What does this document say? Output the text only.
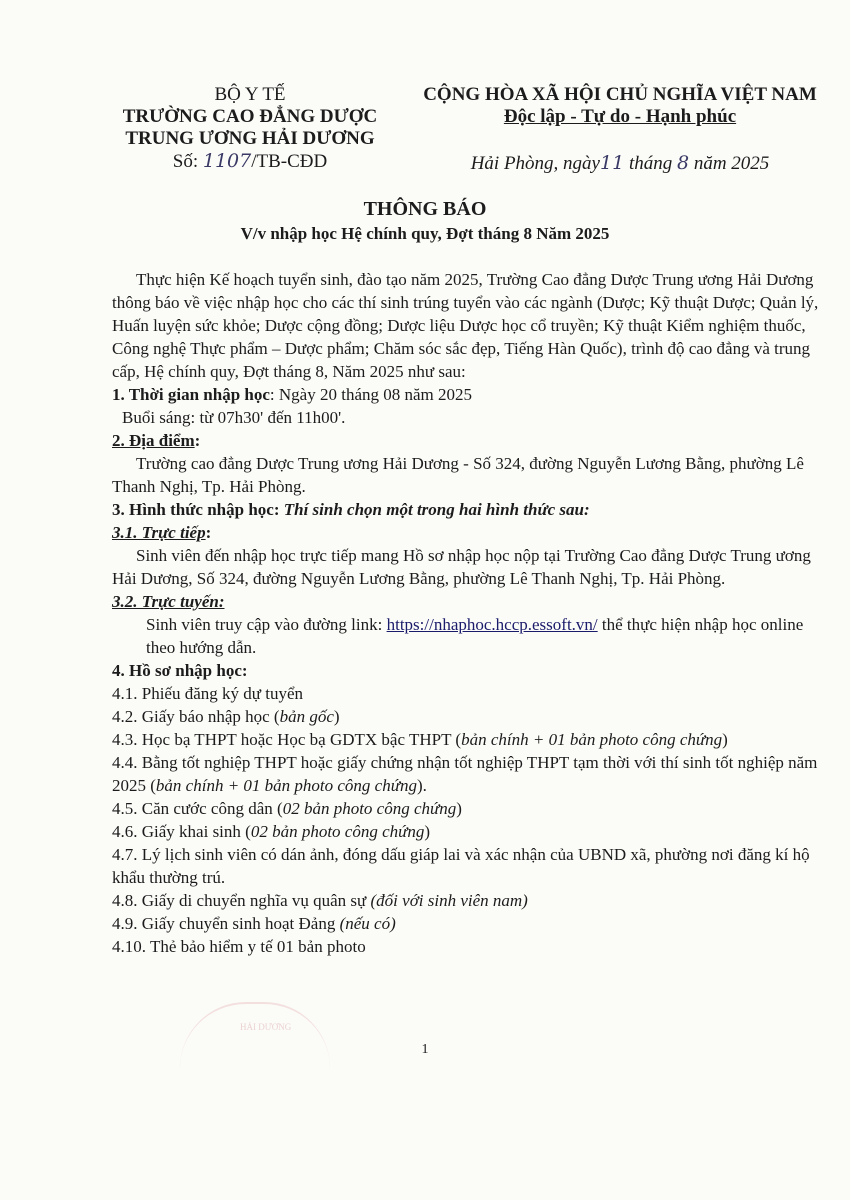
BỘ Y TẾ
TRƯỜNG CAO ĐẲNG DƯỢC
TRUNG ƯƠNG HẢI DƯƠNG
Số: 1107/TB-CĐD
CỘNG HÒA XÃ HỘI CHỦ NGHĨA VIỆT NAM
Độc lập - Tự do - Hạnh phúc
Hải Phòng, ngày11 tháng 8 năm 2025
THÔNG BÁO
V/v nhập học Hệ chính quy, Đợt tháng 8 Năm 2025

Thực hiện Kế hoạch tuyển sinh, đào tạo năm 2025, Trường Cao đẳng Dược Trung ương Hải Dương thông báo về việc nhập học cho các thí sinh trúng tuyển vào các ngành (Dược; Kỹ thuật Dược; Quản lý, Huấn luyện sức khỏe; Dược cộng đồng; Dược liệu Dược học cổ truyền; Kỹ thuật Kiểm nghiệm thuốc, Công nghệ Thực phẩm – Dược phẩm; Chăm sóc sắc đẹp, Tiếng Hàn Quốc), trình độ cao đẳng và trung cấp, Hệ chính quy, Đợt tháng 8, Năm 2025 như sau:

1. Thời gian nhập học: Ngày 20 tháng 08 năm 2025

Buổi sáng: từ 07h30' đến 11h00'.

2. Địa điểm:

Trường cao đẳng Dược Trung ương Hải Dương - Số 324, đường Nguyễn Lương Bằng, phường Lê Thanh Nghị, Tp. Hải Phòng.

3. Hình thức nhập học: Thí sinh chọn một trong hai hình thức sau:

3.1. Trực tiếp:

Sinh viên đến nhập học trực tiếp mang Hồ sơ nhập học nộp tại Trường Cao đẳng Dược Trung ương Hải Dương, Số 324, đường Nguyễn Lương Bằng, phường Lê Thanh Nghị, Tp. Hải Phòng.

3.2. Trực tuyến:

Sinh viên truy cập vào đường link: https://nhaphoc.hccp.essoft.vn/ thể thực hiện nhập học online theo hướng dẫn.

4. Hồ sơ nhập học:

4.1. Phiếu đăng ký dự tuyển

4.2. Giấy báo nhập học (bản gốc)

4.3. Học bạ THPT hoặc Học bạ GDTX bậc THPT (bản chính + 01 bản photo công chứng)

4.4. Bằng tốt nghiệp THPT hoặc giấy chứng nhận tốt nghiệp THPT tạm thời với thí sinh tốt nghiệp năm 2025 (bản chính + 01 bản photo công chứng).

4.5. Căn cước công dân (02 bản photo công chứng)

4.6. Giấy khai sinh (02 bản photo công chứng)

4.7. Lý lịch sinh viên có dán ảnh, đóng dấu giáp lai và xác nhận của UBND xã, phường nơi đăng kí hộ khẩu thường trú.

4.8. Giấy di chuyển nghĩa vụ quân sự (đối với sinh viên nam)

4.9. Giấy chuyển sinh hoạt Đảng (nếu có)

4.10. Thẻ bảo hiểm y tế 01 bản photo

HẢI DƯƠNG
1
